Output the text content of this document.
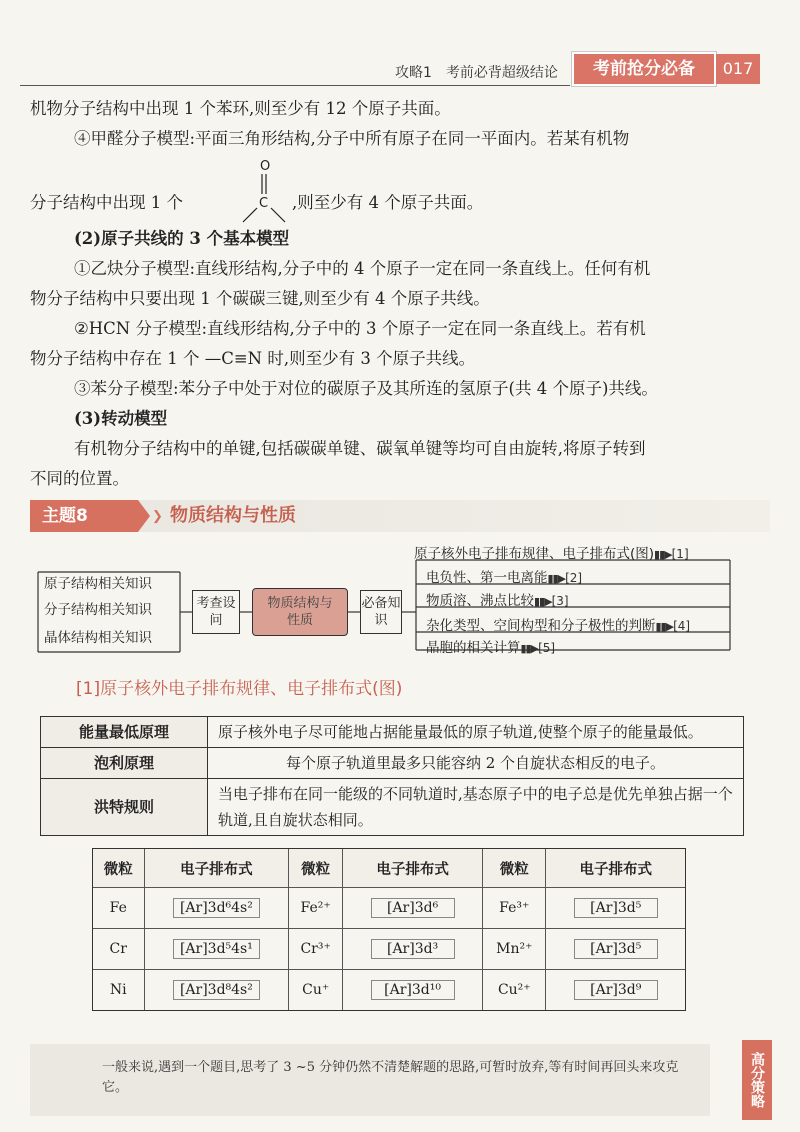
攻略1　考前必背超级结论	考前抢分必备	017

机物分子结构中出现 1 个苯环,则至少有 12 个原子共面。

④甲醛分子模型:平面三角形结构,分子中所有原子在同一平面内。若某有机物

分子结构中出现 1 个
O
C ,则至少有 4 个原子共面。

(2)原子共线的 3 个基本模型

①乙炔分子模型:直线形结构,分子中的 4 个原子一定在同一条直线上。任何有机

物分子结构中只要出现 1 个碳碳三键,则至少有 4 个原子共线。

②HCN 分子模型:直线形结构,分子中的 3 个原子一定在同一条直线上。若有机

物分子结构中存在 1 个 —C≡N 时,则至少有 3 个原子共线。

③苯分子模型:苯分子中处于对位的碳原子及其所连的氢原子(共 4 个原子)共线。

(3)转动模型

有机物分子结构中的单键,包括碳碳单键、碳氧单键等均可自由旋转,将原子转到

不同的位置。

主题8	❯ 物质结构与性质
原子结构相关知识
分子结构相关知识
晶体结构相关知识
考查设问
物质结构与性质
必备知识
原子核外电子排布规律、电子排布式(图)▮▮▶[1]
电负性、第一电离能▮▮▶[2]
物质溶、沸点比较▮▮▶[3]
杂化类型、空间构型和分子极性的判断▮▮▶[4]
晶胞的相关计算▮▮▶[5]
[1]原子核外电子排布规律、电子排布式(图)
能量最低原理	原子核外电子尽可能地占据能量最低的原子轨道,使整个原子的能量最低。
泡利原理	每个原子轨道里最多只能容纳 2 个自旋状态相反的电子。
洪特规则	当电子排布在同一能级的不同轨道时,基态原子中的电子总是优先单独占据一个轨道,且自旋状态相同。
微粒	电子排布式	微粒	电子排布式	微粒	电子排布式
Fe	[Ar]3d⁶4s²	Fe²⁺	[Ar]3d⁶	Fe³⁺	[Ar]3d⁵
Cr	[Ar]3d⁵4s¹	Cr³⁺	[Ar]3d³	Mn²⁺	[Ar]3d⁵
Ni	[Ar]3d⁸4s²	Cu⁺	[Ar]3d¹⁰	Cu²⁺	[Ar]3d⁹
一般来说,遇到一个题目,思考了 3 ~5 分钟仍然不清楚解题的思路,可暂时放弃,等有时间再回头来攻克它。	高分策略
